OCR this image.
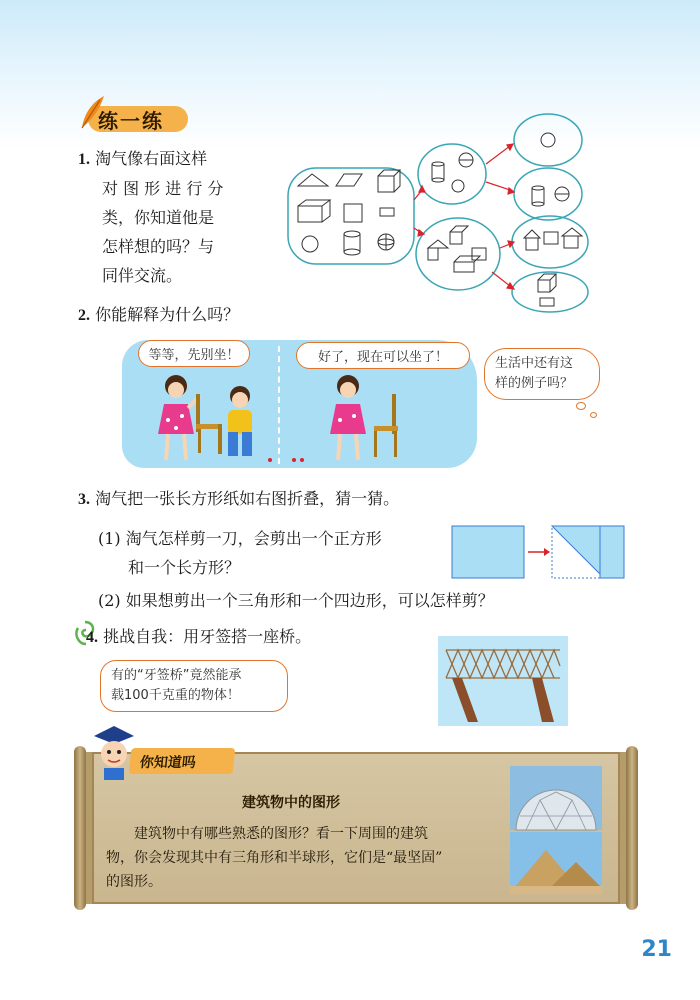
练一练
1. 淘气像右面这样
对 图 形 进 行 分
类，你知道他是
怎样想的吗？与
同伴交流。
2. 你能解释为什么吗？
等等，先别坐！	好了，现在可以坐了！	生活中还有这
样的例子吗？
3. 淘气把一张长方形纸如右图折叠，猜一猜。
(1) 淘气怎样剪一刀，会剪出一个正方形
和一个长方形？
(2) 如果想剪出一个三角形和一个四边形，可以怎样剪？
4. 挑战自我：用牙签搭一座桥。
有的“牙签桥”竟然能承
载100千克重的物体！
建筑物中的图形
建筑物中有哪些熟悉的图形？看一下周围的建筑
物，你会发现其中有三角形和半球形，它们是“最坚固”
的图形。
你知道吗
21
